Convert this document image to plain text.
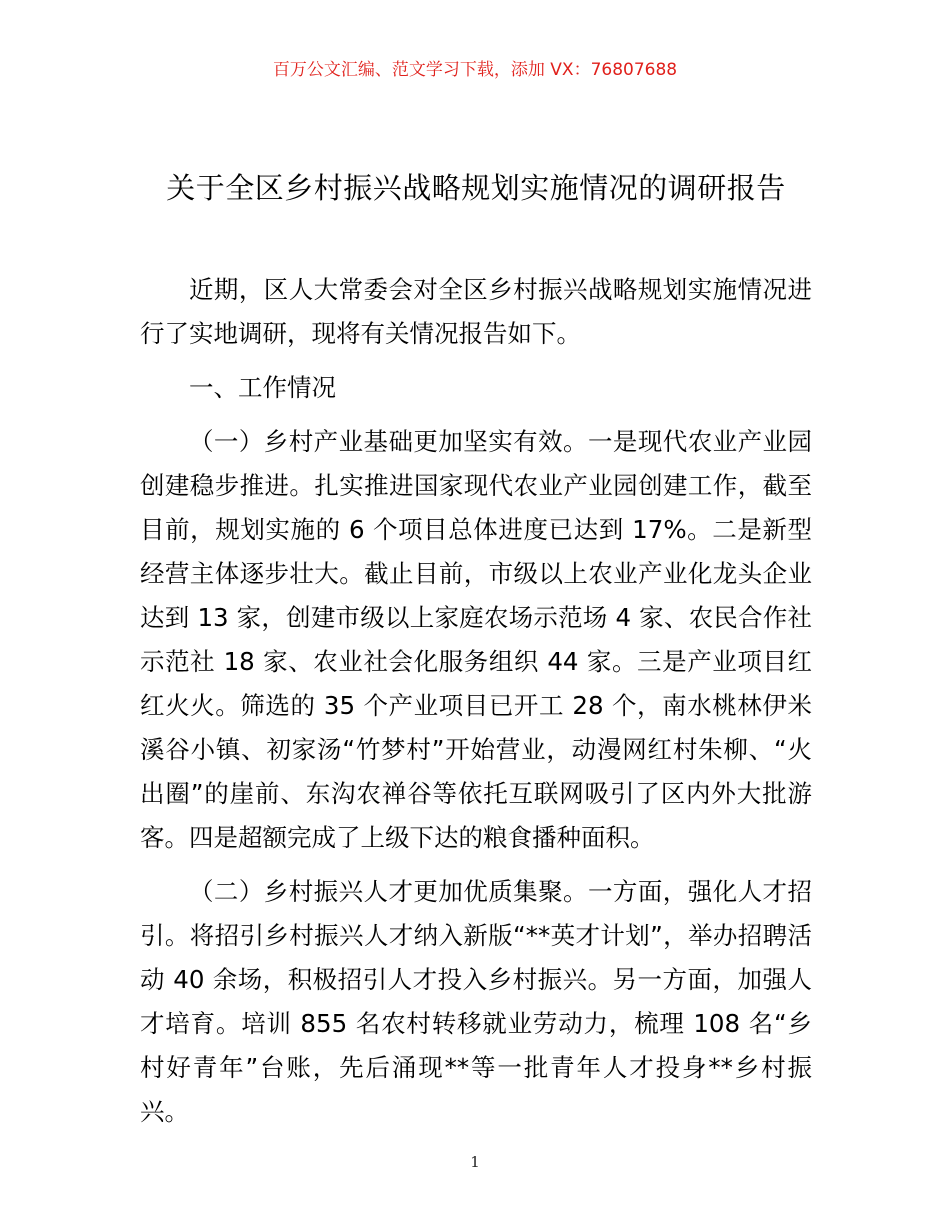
百万公文汇编、范文学习下载，添加 VX：76807688
关于全区乡村振兴战略规划实施情况的调研报告

近期，区人大常委会对全区乡村振兴战略规划实施情况进行了实地调研，现将有关情况报告如下。

一、工作情况

（一）乡村产业基础更加坚实有效。一是现代农业产业园创建稳步推进。扎实推进国家现代农业产业园创建工作，截至目前，规划实施的 6 个项目总体进度已达到 17%。二是新型经营主体逐步壮大。截止目前，市级以上农业产业化龙头企业达到 13 家，创建市级以上家庭农场示范场 4 家、农民合作社示范社 18 家、农业社会化服务组织 44 家。三是产业项目红红火火。筛选的 35 个产业项目已开工 28 个，南水桃林伊米溪谷小镇、初家汤“竹梦村”开始营业，动漫网红村朱柳、“火出圈”的崖前、东沟农禅谷等依托互联网吸引了区内外大批游客。四是超额完成了上级下达的粮食播种面积。

（二）乡村振兴人才更加优质集聚。一方面，强化人才招引。将招引乡村振兴人才纳入新版“**英才计划”，举办招聘活动 40 余场，积极招引人才投入乡村振兴。另一方面，加强人才培育。培训 855 名农村转移就业劳动力，梳理 108 名“乡村好青年”台账，先后涌现**等一批青年人才投身**乡村振兴。

1
